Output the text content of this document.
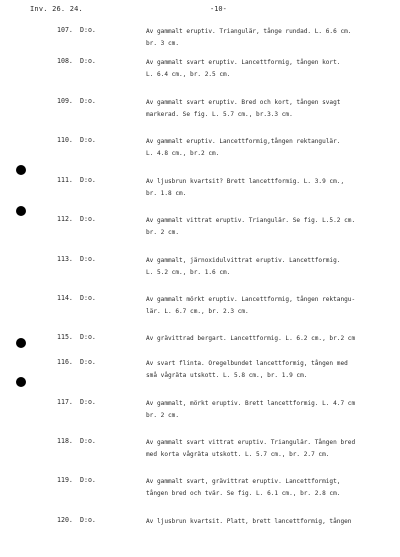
Inv. 26. 24.	-10-
107. D:o.	Av gammalt eruptiv. Triangulär, tånge rundad. L. 6.6 cm.
br. 3 cm.
108. D:o.	Av gammalt svart eruptiv. Lancettformig, tången kort.
L. 6.4 cm., br. 2.5 cm.
109. D:o.	Av gammalt svart eruptiv. Bred och kort, tången svagt
markerad. Se fig. L. 5.7 cm., br.3.3 cm.
110. D:o.	Av gammalt eruptiv. Lancettformig,tången rektangulär.
L. 4.8 cm., br.2 cm.
111. D:o.	Av ljusbrun kvartsit? Brett lancettformig. L. 3.9 cm.,
br. 1.8 cm.
112. D:o.	Av gammalt vittrat eruptiv. Triangulär. Se fig. L.5.2 cm.
br. 2 cm.
113. D:o.	Av gammalt, järnoxidulvittrat eruptiv. Lancettformig.
L. 5.2 cm., br. 1.6 cm.
114. D:o.	Av gammalt mörkt eruptiv. Lancettformig, tången rektangu-
lär. L. 6.7 cm., br. 2.3 cm.
115. D:o.	Av grävittrad bergart. Lancettformig. L. 6.2 cm., br.2 cm
116. D:o.	Av svart flinta. Oregelbundet lancettformig, tången med
små vågräta utskott. L. 5.8 cm., br. 1.9 cm.
117. D:o.	Av gammalt, mörkt eruptiv. Brett lancettformig. L. 4.7 cm
br. 2 cm.
118. D:o.	Av gammalt svart vittrat eruptiv. Triangulär. Tången bred
med korta vågräta utskott. L. 5.7 cm., br. 2.7 cm.
119. D:o.	Av gammalt svart, grävittrat eruptiv. Lancettformigt,
tången bred och tvär. Se fig. L. 6.1 cm., br. 2.8 cm.
120. D:o.	Av ljusbrun kvartsit. Platt, brett lancettformig, tången
